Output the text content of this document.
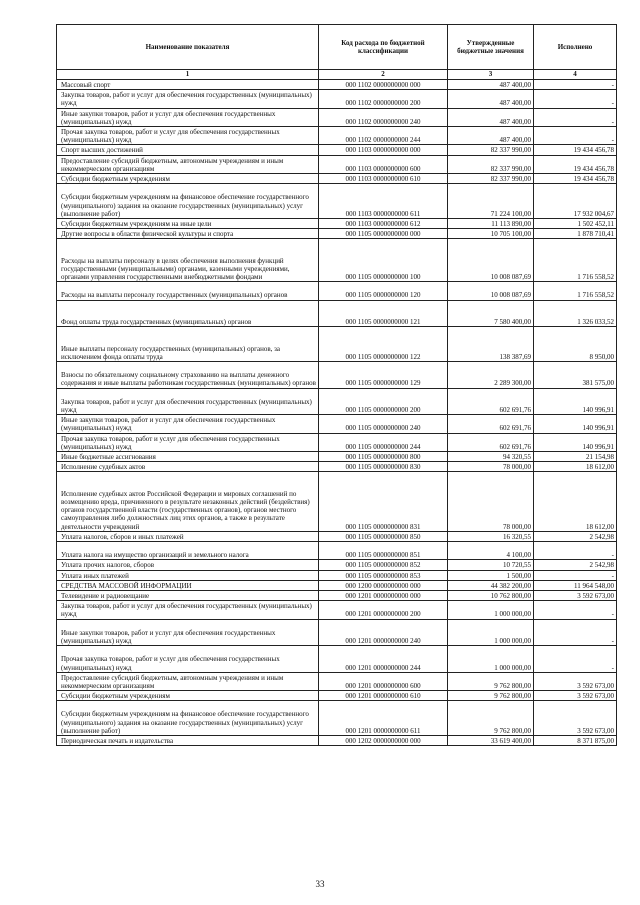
Наименование показателя	Код расхода по бюджетной классификации	Утвержденные бюджетные значения	Исполнено
1	2	3	4
Массовый спорт	000 1102 0000000000 000	487 400,00	-
Закупка товаров, работ и услуг для обеспечения государственных (муниципальных) нужд	000 1102 0000000000 200	487 400,00	-
Иные закупки товаров, работ и услуг для обеспечения государственных (муниципальных) нужд	000 1102 0000000000 240	487 400,00	-
Прочая закупка товаров, работ и услуг для обеспечения государственных (муниципальных) нужд	000 1102 0000000000 244	487 400,00	-
Спорт высших достижений	000 1103 0000000000 000	82 337 990,00	19 434 456,78
Предоставление субсидий бюджетным, автономным учреждениям и иным некоммерческим организациям	000 1103 0000000000 600	82 337 990,00	19 434 456,78
Субсидии бюджетным учреждениям	000 1103 0000000000 610	82 337 990,00	19 434 456,78
Субсидии бюджетным учреждениям на финансовое обеспечение государственного (муниципального) задания на оказание государственных (муниципальных) услуг (выполнение работ)	000 1103 0000000000 611	71 224 100,00	17 932 004,67
Субсидии бюджетным учреждениям на иные цели	000 1103 0000000000 612	11 113 890,00	1 502 452,11
Другие вопросы в области физической культуры и спорта	000 1105 0000000000 000	10 705 100,00	1 878 710,41
Расходы на выплаты персоналу в целях обеспечения выполнения функций государственными (муниципальными) органами, казенными учреждениями, органами управления государственными внебюджетными фондами	000 1105 0000000000 100	10 008 087,69	1 716 558,52
Расходы на выплаты персоналу государственных (муниципальных) органов	000 1105 0000000000 120	10 008 087,69	1 716 558,52
Фонд оплаты труда государственных (муниципальных) органов	000 1105 0000000000 121	7 580 400,00	1 326 033,52
Иные выплаты персоналу государственных (муниципальных) органов, за исключением фонда оплаты труда	000 1105 0000000000 122	138 387,69	8 950,00
Взносы по обязательному социальному страхованию на выплаты денежного содержания и иные выплаты работникам государственных (муниципальных) органов	000 1105 0000000000 129	2 289 300,00	381 575,00
Закупка товаров, работ и услуг для обеспечения государственных (муниципальных) нужд	000 1105 0000000000 200	602 691,76	140 996,91
Иные закупки товаров, работ и услуг для обеспечения государственных (муниципальных) нужд	000 1105 0000000000 240	602 691,76	140 996,91
Прочая закупка товаров, работ и услуг для обеспечения государственных (муниципальных) нужд	000 1105 0000000000 244	602 691,76	140 996,91
Иные бюджетные ассигнования	000 1105 0000000000 800	94 320,55	21 154,98
Исполнение судебных актов	000 1105 0000000000 830	78 000,00	18 612,00
Исполнение судебных актов Российской Федерации и мировых соглашений по возмещению вреда, причиненного в результате незаконных действий (бездействия) органов государственной власти (государственных органов), органов местного самоуправления либо должностных лиц этих органов, а также в результате деятельности учреждений	000 1105 0000000000 831	78 000,00	18 612,00
Уплата налогов, сборов и иных платежей	000 1105 0000000000 850	16 320,55	2 542,98
Уплата налога на имущество организаций и земельного налога	000 1105 0000000000 851	4 100,00	-
Уплата прочих налогов, сборов	000 1105 0000000000 852	10 720,55	2 542,98
Уплата иных платежей	000 1105 0000000000 853	1 500,00	-
СРЕДСТВА МАССОВОЙ ИНФОРМАЦИИ	000 1200 0000000000 000	44 382 200,00	11 964 548,00
Телевидение и радиовещание	000 1201 0000000000 000	10 762 800,00	3 592 673,00
Закупка товаров, работ и услуг для обеспечения государственных (муниципальных) нужд	000 1201 0000000000 200	1 000 000,00	-
Иные закупки товаров, работ и услуг для обеспечения государственных (муниципальных) нужд	000 1201 0000000000 240	1 000 000,00	-
Прочая закупка товаров, работ и услуг для обеспечения государственных (муниципальных) нужд	000 1201 0000000000 244	1 000 000,00	-
Предоставление субсидий бюджетным, автономным учреждениям и иным некоммерческим организациям	000 1201 0000000000 600	9 762 800,00	3 592 673,00
Субсидии бюджетным учреждениям	000 1201 0000000000 610	9 762 800,00	3 592 673,00
Субсидии бюджетным учреждениям на финансовое обеспечение государственного (муниципального) задания на оказание государственных (муниципальных) услуг (выполнение работ)	000 1201 0000000000 611	9 762 800,00	3 592 673,00
Периодическая печать и издательства	000 1202 0000000000 000	33 619 400,00	8 371 875,00
33
